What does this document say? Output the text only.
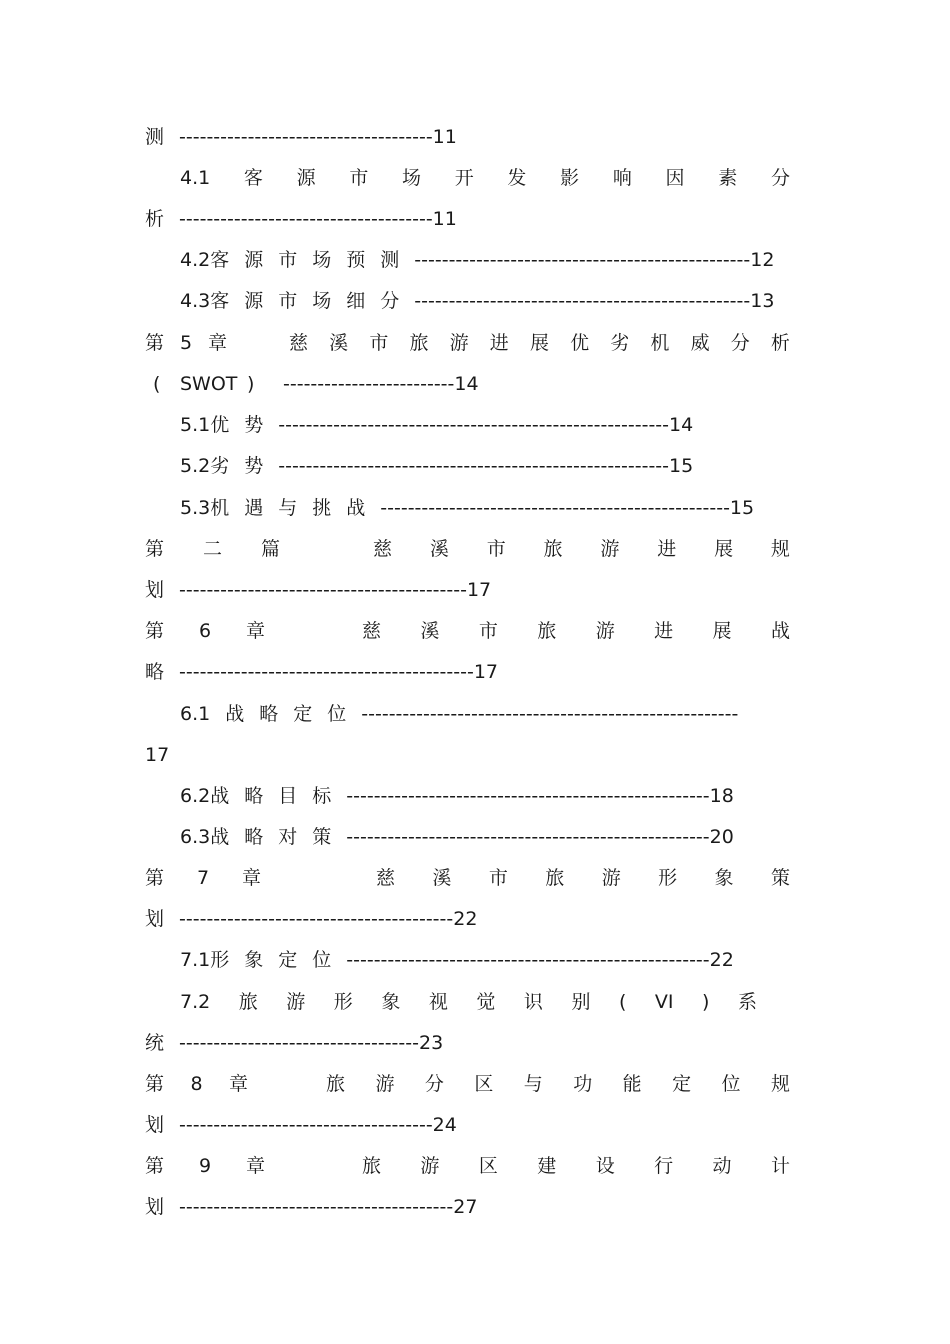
测 -------------------------------------11
4.1 客 源 市 场 开 发 影 响 因 素 分
析 -------------------------------------11
4.2客 源 市 场 预 测 -------------------------------------------------12
4.3客 源 市 场 细 分 -------------------------------------------------13
第 5 章	慈 溪 市 旅 游 进 展 优 劣 机 威 分 析
( SWOT ) -------------------------14
5.1优 势 ---------------------------------------------------------14
5.2劣 势 ---------------------------------------------------------15
5.3机 遇 与 挑 战 ---------------------------------------------------15
第 二 篇	慈 溪 市 旅 游 进 展 规
划 ------------------------------------------17
第 6 章	慈 溪 市 旅 游 进 展 战
略 -------------------------------------------17
6.1 战 略 定 位 -------------------------------------------------------
17
6.2战 略 目 标 -----------------------------------------------------18
6.3战 略 对 策 -----------------------------------------------------20
第 7 章	慈 溪 市 旅 游 形 象 策
划 ----------------------------------------22
7.1形 象 定 位 -----------------------------------------------------22
7.2 旅 游 形 象 视 觉 识 别 ( VI ) 系
统 -----------------------------------23
第 8 章	旅 游 分 区 与 功 能 定 位 规
划 -------------------------------------24
第 9 章	旅 游 区 建 设 行 动 计
划 ----------------------------------------27
